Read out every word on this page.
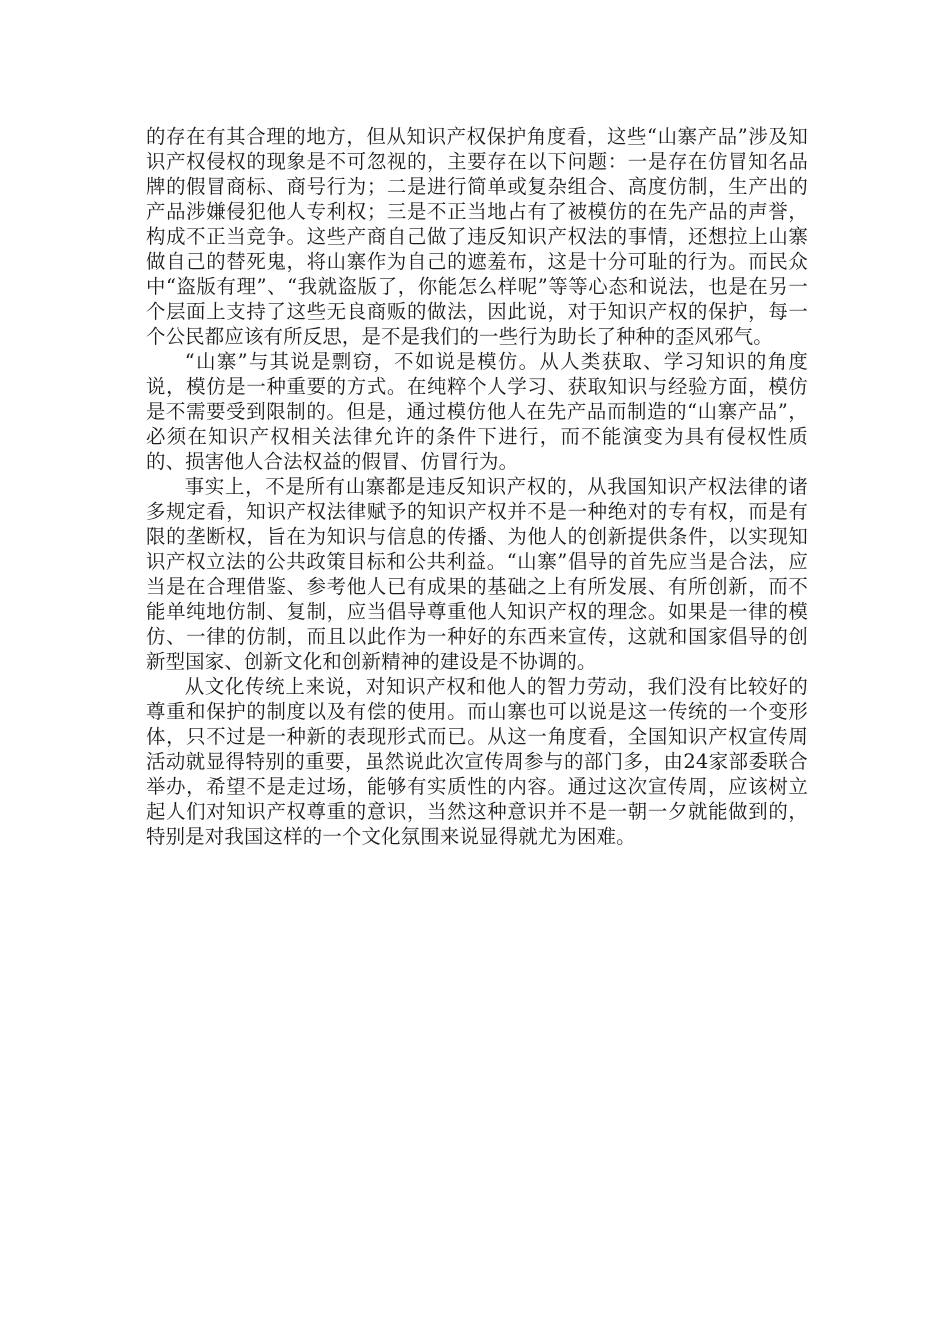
的存在有其合理的地方，但从知识产权保护角度看，这些“山寨产品”涉及知识产权侵权的现象是不可忽视的，主要存在以下问题：一是存在仿冒知名品牌的假冒商标、商号行为；二是进行简单或复杂组合、高度仿制，生产出的产品涉嫌侵犯他人专利权；三是不正当地占有了被模仿的在先产品的声誉，构成不正当竞争。这些产商自己做了违反知识产权法的事情，还想拉上山寨做自己的替死鬼，将山寨作为自己的遮羞布，这是十分可耻的行为。而民众中“盗版有理”、“我就盗版了，你能怎么样呢”等等心态和说法，也是在另一个层面上支持了这些无良商贩的做法，因此说，对于知识产权的保护，每一个公民都应该有所反思，是不是我们的一些行为助长了种种的歪风邪气。

“山寨”与其说是剽窃，不如说是模仿。从人类获取、学习知识的角度说，模仿是一种重要的方式。在纯粹个人学习、获取知识与经验方面，模仿是不需要受到限制的。但是，通过模仿他人在先产品而制造的“山寨产品”，必须在知识产权相关法律允许的条件下进行，而不能演变为具有侵权性质的、损害他人合法权益的假冒、仿冒行为。

事实上，不是所有山寨都是违反知识产权的，从我国知识产权法律的诸多规定看，知识产权法律赋予的知识产权并不是一种绝对的专有权，而是有限的垄断权，旨在为知识与信息的传播、为他人的创新提供条件，以实现知识产权立法的公共政策目标和公共利益。“山寨”倡导的首先应当是合法，应当是在合理借鉴、参考他人已有成果的基础之上有所发展、有所创新，而不能单纯地仿制、复制，应当倡导尊重他人知识产权的理念。如果是一律的模仿、一律的仿制，而且以此作为一种好的东西来宣传，这就和国家倡导的创新型国家、创新文化和创新精神的建设是不协调的。

从文化传统上来说，对知识产权和他人的智力劳动，我们没有比较好的尊重和保护的制度以及有偿的使用。而山寨也可以说是这一传统的一个变形体，只不过是一种新的表现形式而已。从这一角度看，全国知识产权宣传周活动就显得特别的重要，虽然说此次宣传周参与的部门多，由24家部委联合举办，希望不是走过场，能够有实质性的内容。通过这次宣传周，应该树立起人们对知识产权尊重的意识，当然这种意识并不是一朝一夕就能做到的，特别是对我国这样的一个文化氛围来说显得就尤为困难。
